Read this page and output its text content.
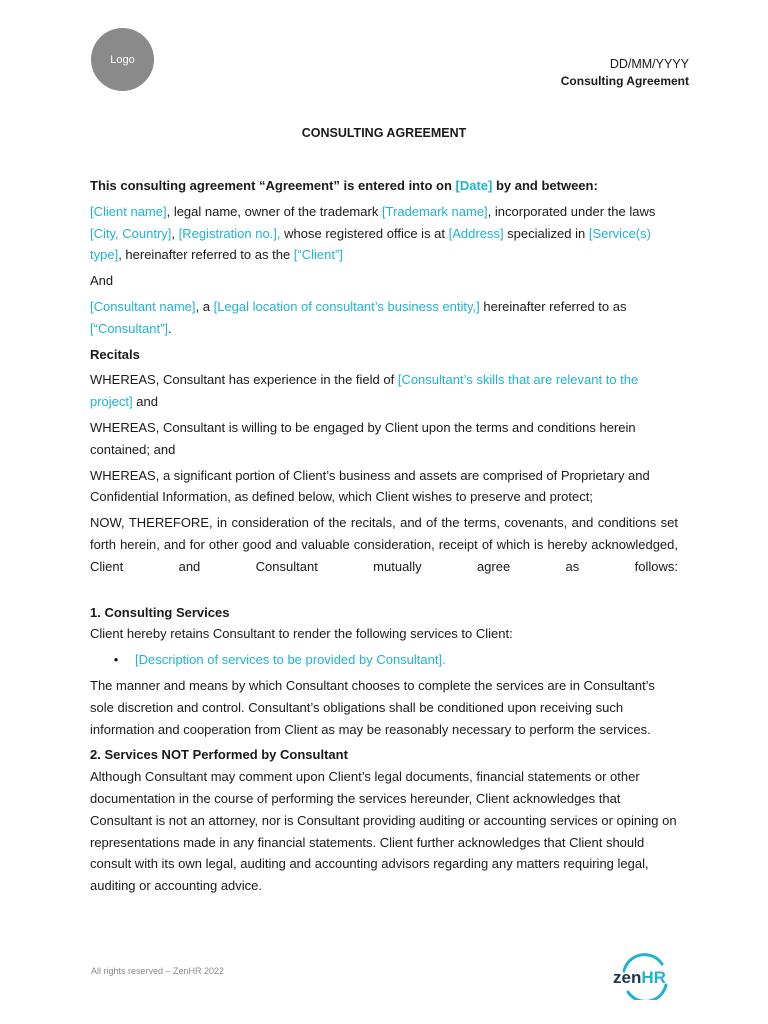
Logo	DD/MM/YYYY
Consulting Agreement
CONSULTING AGREEMENT

This consulting agreement “Agreement” is entered into on [Date] by and between:

[Client name], legal name, owner of the trademark [Trademark name], incorporated under the laws [City, Country], [Registration no.], whose registered office is at [Address] specialized in [Service(s) type], hereinafter referred to as the [“Client”]

And

[Consultant name], a [Legal location of consultant’s business entity,] hereinafter referred to as [“Consultant”].

Recitals

WHEREAS, Consultant has experience in the field of [Consultant’s skills that are relevant to the project] and

WHEREAS, Consultant is willing to be engaged by Client upon the terms and conditions herein contained; and

WHEREAS, a significant portion of Client’s business and assets are comprised of Proprietary and Confidential Information, as defined below, which Client wishes to preserve and protect;

NOW, THEREFORE, in consideration of the recitals, and of the terms, covenants, and conditions set forth herein, and for other good and valuable consideration, receipt of which is hereby acknowledged, Client and Consultant mutually agree as follows:

1. Consulting Services

Client hereby retains Consultant to render the following services to Client:

•	[Description of services to be provided by Consultant].

The manner and means by which Consultant chooses to complete the services are in Consultant’s sole discretion and control. Consultant’s obligations shall be conditioned upon receiving such information and cooperation from Client as may be reasonably necessary to perform the services.

2. Services NOT Performed by Consultant

Although Consultant may comment upon Client’s legal documents, financial statements or other documentation in the course of performing the services hereunder, Client acknowledges that Consultant is not an attorney, nor is Consultant providing auditing or accounting services or opining on representations made in any financial statements. Client further acknowledges that Client should consult with its own legal, auditing and accounting advisors regarding any matters requiring legal, auditing or accounting advice.

All rights reserved – ZenHR 2022	zenHR
